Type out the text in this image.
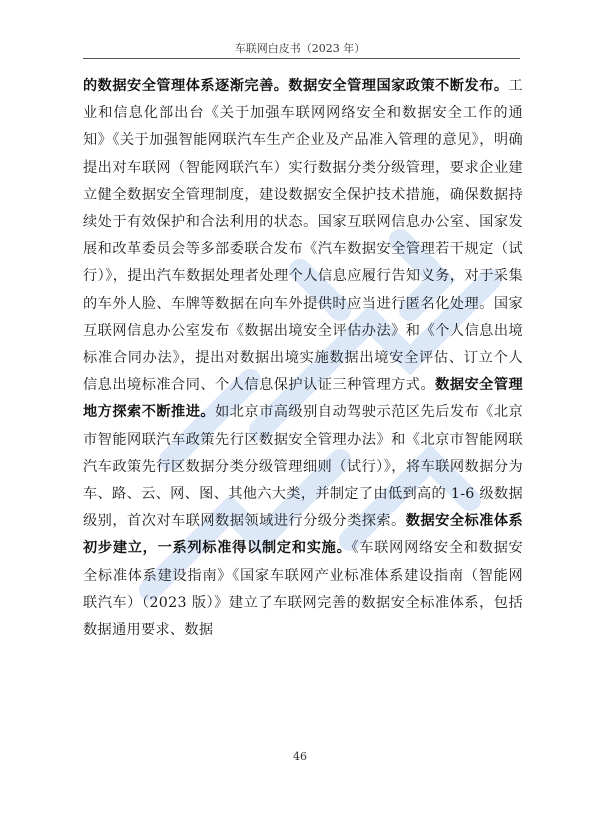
车联网白皮书（2023 年）

的数据安全管理体系逐渐完善。数据安全管理国家政策不断发布。工业和信息化部出台《关于加强车联网网络安全和数据安全工作的通知》《关于加强智能网联汽车生产企业及产品准入管理的意见》，明确提出对车联网（智能网联汽车）实行数据分类分级管理，要求企业建立健全数据安全管理制度，建设数据安全保护技术措施，确保数据持续处于有效保护和合法利用的状态。国家互联网信息办公室、国家发展和改革委员会等多部委联合发布《汽车数据安全管理若干规定（试行）》，提出汽车数据处理者处理个人信息应履行告知义务，对于采集的车外人脸、车牌等数据在向车外提供时应当进行匿名化处理。国家互联网信息办公室发布《数据出境安全评估办法》和《个人信息出境标准合同办法》，提出对数据出境实施数据出境安全评估、订立个人信息出境标准合同、个人信息保护认证三种管理方式。数据安全管理地方探索不断推进。如北京市高级别自动驾驶示范区先后发布《北京市智能网联汽车政策先行区数据安全管理办法》和《北京市智能网联汽车政策先行区数据分类分级管理细则（试行）》，将车联网数据分为车、路、云、网、图、其他六大类，并制定了由低到高的 1-6 级数据级别，首次对车联网数据领域进行分级分类探索。数据安全标准体系初步建立，一系列标准得以制定和实施。《车联网网络安全和数据安全标准体系建设指南》《国家车联网产业标准体系建设指南（智能网联汽车）（2023 版）》建立了车联网完善的数据安全标准体系，包括数据通用要求、数据

46
